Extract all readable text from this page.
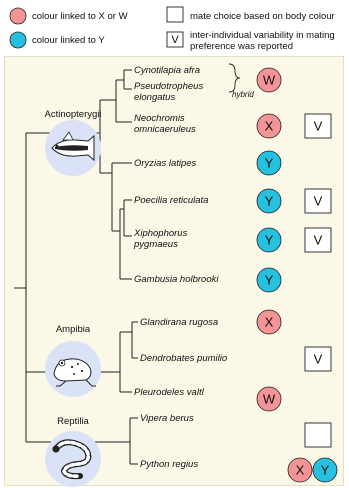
colour linked to X or W
colour linked to Y
mate choice based on body colour
V inter-individual variability in mating
preference was reported
Actinopterygii
Ampibia
Reptilia
Cynotilapia afra
Pseudotropheus
elongatus	hybrid
Neochromis
omnicaeruleus
Oryzias latipes
Poecilia reticulata
Xiphophorus
pygmaeus
Gambusia holbrooki
Glandirana rugosa
Dendrobates pumilio
Pleurodeles valtl
Vipera berus
Python regius
W
X	V
Y
Y	V
Y	V
Y
X
V
W
X Y
